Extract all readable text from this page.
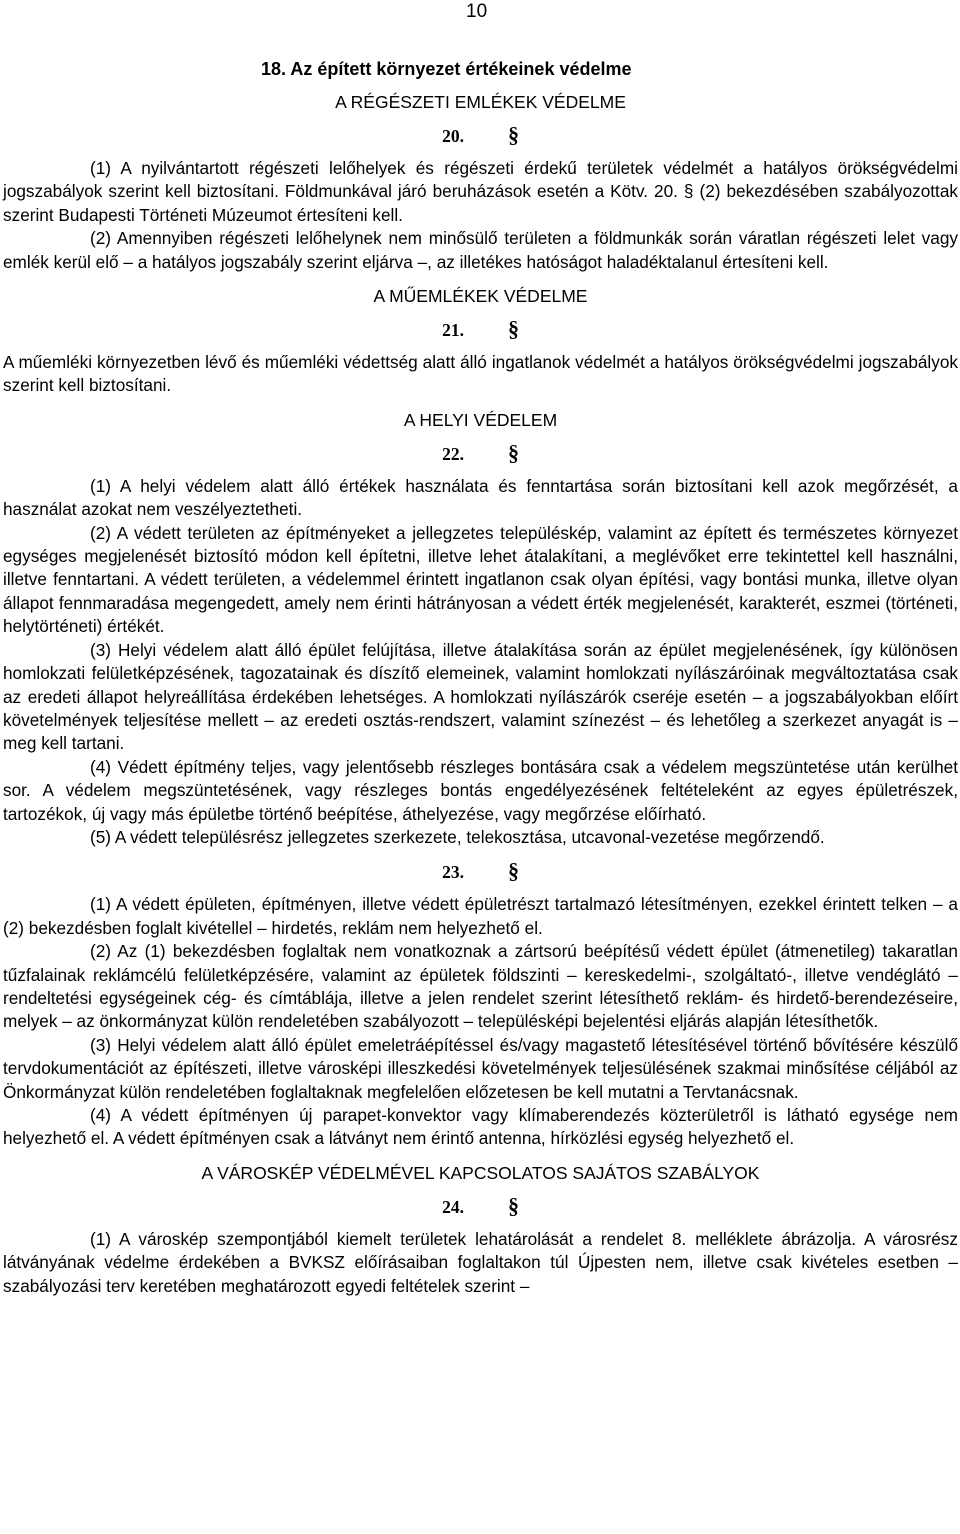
10
18. Az épített környezet értékeinek védelme
A RÉGÉSZETI EMLÉKEK VÉDELME
20. §

(1) A nyilvántartott régészeti lelőhelyek és régészeti érdekű területek védelmét a hatályos örökségvédelmi jogszabályok szerint kell biztosítani. Földmunkával járó beruházások esetén a Kötv. 20. § (2) bekezdésében szabályozottak szerint Budapesti Történeti Múzeumot értesíteni kell.

(2) Amennyiben régészeti lelőhelynek nem minősülő területen a földmunkák során váratlan régészeti lelet vagy emlék kerül elő – a hatályos jogszabály szerint eljárva –, az illetékes hatóságot haladéktalanul értesíteni kell.

A MŰEMLÉKEK VÉDELME
21. §

A műemléki környezetben lévő és műemléki védettség alatt álló ingatlanok védelmét a hatályos örökségvédelmi jogszabályok szerint kell biztosítani.

A HELYI VÉDELEM
22. §

(1) A helyi védelem alatt álló értékek használata és fenntartása során biztosítani kell azok megőrzését, a használat azokat nem veszélyeztetheti.

(2) A védett területen az építményeket a jellegzetes településkép, valamint az épített és természetes környezet egységes megjelenését biztosító módon kell építetni, illetve lehet átalakítani, a meglévőket erre tekintettel kell használni, illetve fenntartani. A védett területen, a védelemmel érintett ingatlanon csak olyan építési, vagy bontási munka, illetve olyan állapot fennmaradása megengedett, amely nem érinti hátrányosan a védett érték megjelenését, karakterét, eszmei (történeti, helytörténeti) értékét.

(3) Helyi védelem alatt álló épület felújítása, illetve átalakítása során az épület megjelenésének, így különösen homlokzati felületképzésének, tagozatainak és díszítő elemeinek, valamint homlokzati nyílászáróinak megváltoztatása csak az eredeti állapot helyreállítása érdekében lehetséges. A homlokzati nyílászárók cseréje esetén – a jogszabályokban előírt követelmények teljesítése mellett – az eredeti osztás-rendszert, valamint színezést – és lehetőleg a szerkezet anyagát is – meg kell tartani.

(4) Védett építmény teljes, vagy jelentősebb részleges bontására csak a védelem megszüntetése után kerülhet sor. A védelem megszüntetésének, vagy részleges bontás engedélyezésének feltételeként az egyes épületrészek, tartozékok, új vagy más épületbe történő beépítése, áthelyezése, vagy megőrzése előírható.

(5) A védett településrész jellegzetes szerkezete, telekosztása, utcavonal-vezetése megőrzendő.

23. §

(1) A védett épületen, építményen, illetve védett épületrészt tartalmazó létesítményen, ezekkel érintett telken – a (2) bekezdésben foglalt kivétellel – hirdetés, reklám nem helyezhető el.

(2) Az (1) bekezdésben foglaltak nem vonatkoznak a zártsorú beépítésű védett épület (átmenetileg) takaratlan tűzfalainak reklámcélú felületképzésére, valamint az épületek földszinti – kereskedelmi-, szolgáltató-, illetve vendéglátó – rendeltetési egységeinek cég- és címtáblája, illetve a jelen rendelet szerint létesíthető reklám- és hirdető-berendezéseire, melyek – az önkormányzat külön rendeletében szabályozott – településképi bejelentési eljárás alapján létesíthetők.

(3) Helyi védelem alatt álló épület emeletráépítéssel és/vagy magastető létesítésével történő bővítésére készülő tervdokumentációt az építészeti, illetve városképi illeszkedési követelmények teljesülésének szakmai minősítése céljából az Önkormányzat külön rendeletében foglaltaknak megfelelően előzetesen be kell mutatni a Tervtanácsnak.

(4) A védett építményen új parapet-konvektor vagy klímaberendezés közterületről is látható egysége nem helyezhető el. A védett építményen csak a látványt nem érintő antenna, hírközlési egység helyezhető el.

A VÁROSKÉP VÉDELMÉVEL KAPCSOLATOS SAJÁTOS SZABÁLYOK
24. §

(1) A városkép szempontjából kiemelt területek lehatárolását a rendelet 8. melléklete ábrázolja. A városrész látványának védelme érdekében a BVKSZ előírásaiban foglaltakon túl Újpesten nem, illetve csak kivételes esetben – szabályozási terv keretében meghatározott egyedi feltételek szerint –
